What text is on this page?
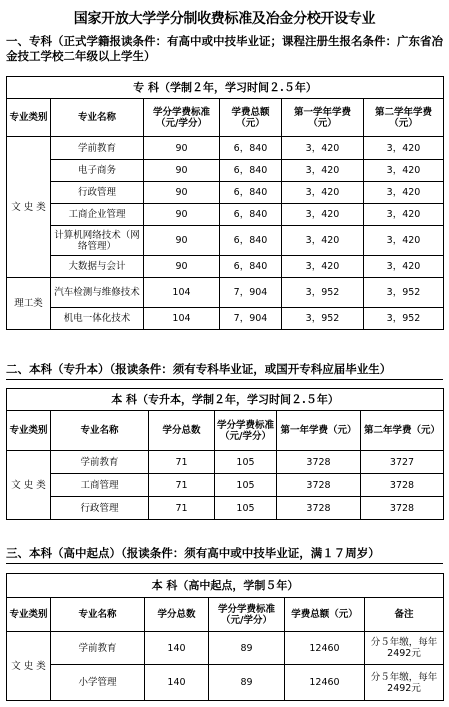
国家开放大学学分制收费标准及冶金分校开设专业
一、专科（正式学籍报读条件：有高中或中技毕业证；课程注册生报名条件：广东省冶金技工学校二年级以上学生）
专 科（学制２年，学习时间２.５年）					
专业类别	专业名称	学分学费标准（元/学分）	学费总额（元）	第一学年学费（元）	第二学年学费（元）
文 史 类	学前教育	90	6，840	3，420	3，420
	电子商务	90	6，840	3，420	3，420
	行政管理	90	6，840	3，420	3，420
	工商企业管理	90	6，840	3，420	3，420
	计算机网络技术（网络管理）	90	6，840	3，420	3，420
	大数据与会计	90	6，840	3，420	3，420
理工类	汽车检测与维修技术	104	7，904	3，952	3，952
	机电一体化技术	104	7，904	3，952	3，952
二、本科（专升本）（报读条件：须有专科毕业证，或国开专科应届毕业生）
本 科（专升本，学制２年，学习时间２.５年）					
专业类别	专业名称	学分总数	学分学费标准（元/学分）	第一年学费（元）	第二年学费（元）
文 史 类	学前教育	71	105	3728	3727
	工商管理	71	105	3728	3728
	行政管理	71	105	3728	3728
三、本科（高中起点）（报读条件：须有高中或中技毕业证，满１７周岁）
本 科（高中起点，学制５年）					
专业类别	专业名称	学分总数	学分学费标准（元/学分）	学费总额（元）	备注
文 史 类	学前教育	140	89	12460	分５年缴，每年2492元
	小学管理	140	89	12460	分５年缴，每年2492元
